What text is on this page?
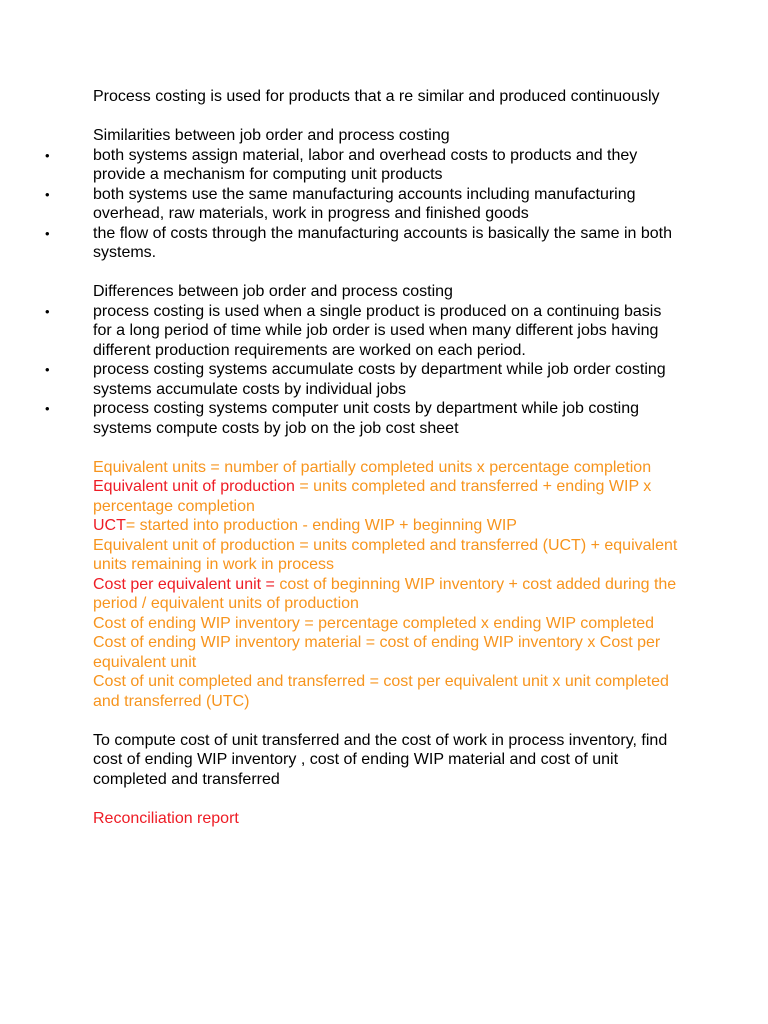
Process costing is used for products that a re similar and produced continuously

Similarities between job order and process costing

•	both systems assign material, labor and overhead costs to products and they provide a mechanism for computing unit products
•	both systems use the same manufacturing accounts including manufacturing overhead, raw materials, work in progress and finished goods
•	the flow of costs through the manufacturing accounts is basically the same in both systems.

Differences between job order and process costing

•	process costing is used when a single product is produced on a continuing basis for a long period of time while job order is used when many different jobs having different production requirements are worked on each period.
•	process costing systems accumulate costs by department while job order costing systems accumulate costs by individual jobs
•	process costing systems computer unit costs by department while job costing systems compute costs by job on the job cost sheet

Equivalent units = number of partially completed units x percentage completion

Equivalent unit of production = units completed and transferred + ending WIP x percentage completion

UCT= started into production - ending WIP + beginning WIP

Equivalent unit of production = units completed and transferred (UCT) + equivalent units remaining in work in process

Cost per equivalent unit = cost of beginning WIP inventory + cost added during the period / equivalent units of production

Cost of ending WIP inventory = percentage completed x ending WIP completed

Cost of ending WIP inventory material = cost of ending WIP inventory x Cost per equivalent unit

Cost of unit completed and transferred = cost per equivalent unit x unit completed and transferred (UTC)

To compute cost of unit transferred and the cost of work in process inventory, find cost of ending WIP inventory , cost of ending WIP material and cost of unit completed and transferred

Reconciliation report
